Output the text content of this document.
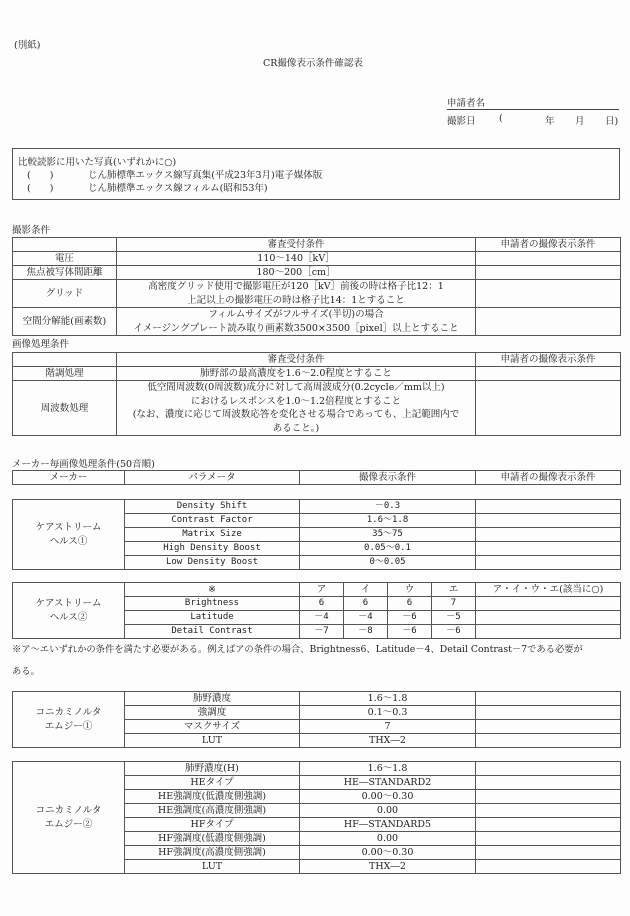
(別紙)
CR撮像表示条件確認表
申請者名
撮影日 (	年 月 日)
比較読影に用いた写真(いずれかに○)
(　　)	じん肺標準エックス線写真集(平成23年3月)電子媒体版
(　　)	じん肺標準エックス線フィルム(昭和53年)
撮影条件
	審査受付条件	申請者の撮像表示条件
電圧	110～140［kV］	
焦点被写体間距離	180～200［cm］	
グリッド	高密度グリッド使用で撮影電圧が120［kV］前後の時は格子比12：1
上記以上の撮影電圧の時は格子比14：1とすること	

空間分解能(画素数)	フィルムサイズがフルサイズ(半切)の場合
イメージングプレート読み取り画素数3500×3500［pixel］以上とすること	

画像処理条件
	審査受付条件	申請者の撮像表示条件
階調処理	肺野部の最高濃度を1.6～2.0程度とすること	
周波数処理	低空間周波数(0周波数)成分に対して高周波成分(0.2cycle／mm以上)
におけるレスポンスを1.0～1.2倍程度とすること
(なお、濃度に応じて周波数応答を変化させる場合であっても、上記範囲内で
あること。)	

メーカー毎画像処理条件(50音順)
メーカー	パラメータ	撮像表示条件	申請者の撮像表示条件
ケアストリーム
ヘルス①	Density Shift	－0.3	
	Contrast Factor	1.6～1.8	
	Matrix Size	35～75	
	High Density Boost	0.05～0.1	
	Low Density Boost	0～0.05	
ケアストリーム
ヘルス②	※	ア	イ	ウ	エ	ア・イ・ウ・エ(該当に○)
	Brightness	6	6	6	7	
	Latitude	－4	－4	－6	－5	
	Detail Contrast	－7	－8	－6	－6	
※ア～エいずれかの条件を満たす必要がある。例えばアの条件の場合、Brightness6、Latitude－4、Detail Contrast－7である必要が
ある。
コニカミノルタ
エムジー①	肺野濃度	1.6～1.8	
	強調度	0.1～0.3	
	マスクサイズ	7	
	LUT	THX―2	
コニカミノルタ
エムジー②	肺野濃度(H)	1.6～1.8	
	HEタイプ	HE―STANDARD2	
	HE強調度(低濃度側強調)	0.00～0.30	
	HE強調度(高濃度側強調)	0.00	
	HFタイプ	HF―STANDARD5	
	HF強調度(低濃度側強調)	0.00	
	HF強調度(高濃度側強調)	0.00～0.30	
	LUT	THX―2	
